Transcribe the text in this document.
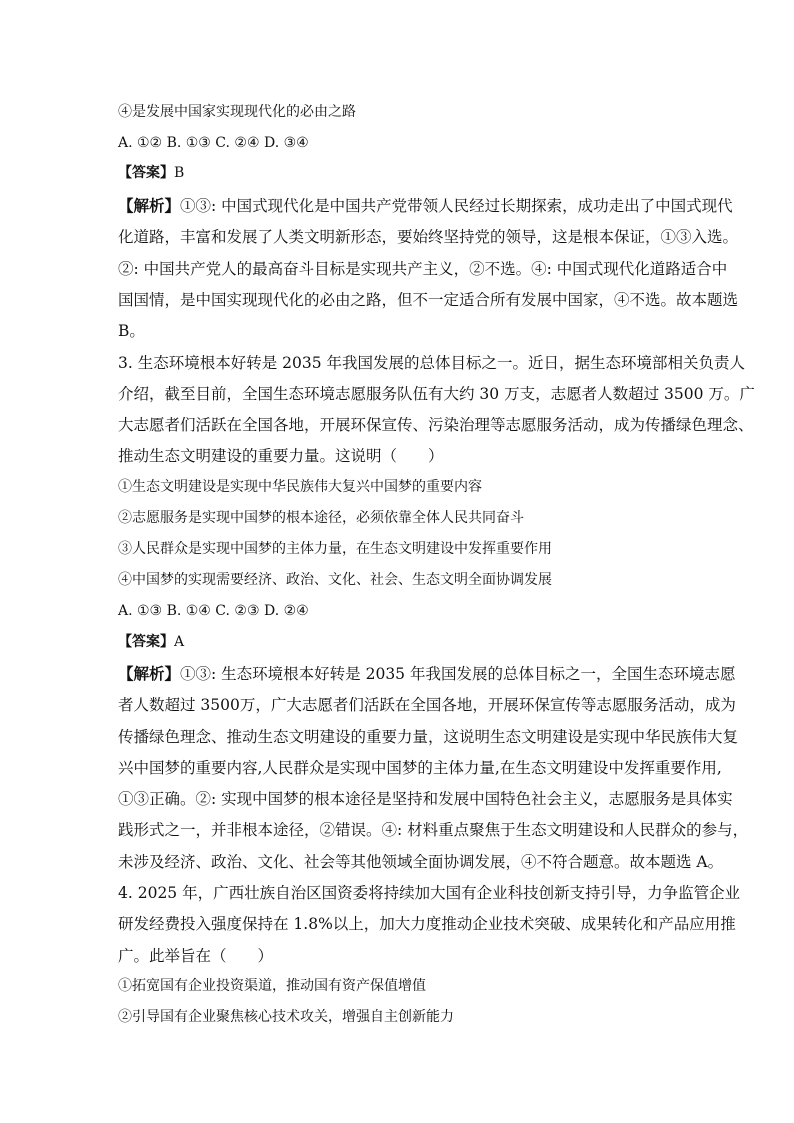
④是发展中国家实现现代化的必由之路
A. ①② B. ①③ C. ②④ D. ③④
【答案】B
【解析】①③: 中国式现代化是中国共产党带领人民经过长期探索，成功走出了中国式现代
化道路，丰富和发展了人类文明新形态，要始终坚持党的领导，这是根本保证，①③入选。
②: 中国共产党人的最高奋斗目标是实现共产主义，②不选。④: 中国式现代化道路适合中
国国情，是中国实现现代化的必由之路，但不一定适合所有发展中国家，④不选。故本题选
B。
3. 生态环境根本好转是 2035 年我国发展的总体目标之一。近日，据生态环境部相关负责人
介绍，截至目前，全国生态环境志愿服务队伍有大约 30 万支，志愿者人数超过 3500 万。广
大志愿者们活跃在全国各地，开展环保宣传、污染治理等志愿服务活动，成为传播绿色理念、
推动生态文明建设的重要力量。这说明（　　）
①生态文明建设是实现中华民族伟大复兴中国梦的重要内容
②志愿服务是实现中国梦的根本途径，必须依靠全体人民共同奋斗
③人民群众是实现中国梦的主体力量，在生态文明建设中发挥重要作用
④中国梦的实现需要经济、政治、文化、社会、生态文明全面协调发展
A. ①③ B. ①④ C. ②③ D. ②④
【答案】A
【解析】①③: 生态环境根本好转是 2035 年我国发展的总体目标之一，全国生态环境志愿
者人数超过 3500万，广大志愿者们活跃在全国各地，开展环保宣传等志愿服务活动，成为
传播绿色理念、推动生态文明建设的重要力量，这说明生态文明建设是实现中华民族伟大复
兴中国梦的重要内容,人民群众是实现中国梦的主体力量,在生态文明建设中发挥重要作用,
①③正确。②: 实现中国梦的根本途径是坚持和发展中国特色社会主义，志愿服务是具体实
践形式之一，并非根本途径，②错误。④: 材料重点聚焦于生态文明建设和人民群众的参与，
未涉及经济、政治、文化、社会等其他领域全面协调发展，④不符合题意。故本题选 A。
4. 2025 年，广西壮族自治区国资委将持续加大国有企业科技创新支持引导，力争监管企业
研发经费投入强度保持在 1.8%以上，加大力度推动企业技术突破、成果转化和产品应用推
广。此举旨在（　　）
①拓宽国有企业投资渠道，推动国有资产保值增值
②引导国有企业聚焦核心技术攻关，增强自主创新能力
